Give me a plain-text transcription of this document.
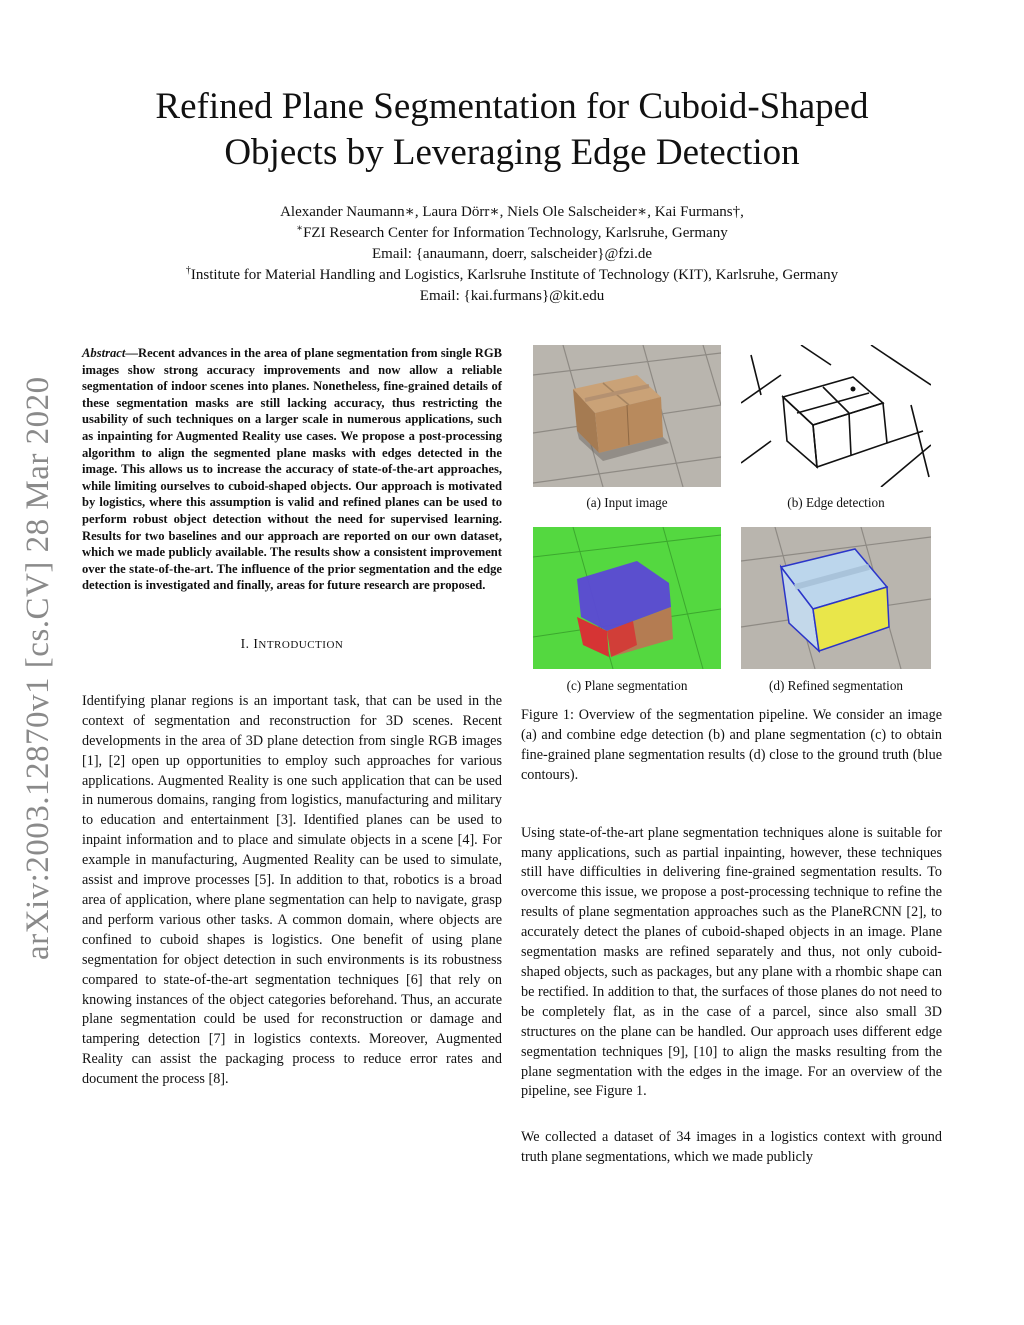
arXiv:2003.12870v1 [cs.CV] 28 Mar 2020
Refined Plane Segmentation for Cuboid-Shaped
Objects by Leveraging Edge Detection
Alexander Naumann∗, Laura Dörr∗, Niels Ole Salscheider∗, Kai Furmans†,
∗FZI Research Center for Information Technology, Karlsruhe, Germany
Email: {anaumann, doerr, salscheider}@fzi.de
†Institute for Material Handling and Logistics, Karlsruhe Institute of Technology (KIT), Karlsruhe, Germany
Email: {kai.furmans}@kit.edu
Abstract—Recent advances in the area of plane segmentation from single RGB images show strong accuracy improvements and now allow a reliable segmentation of indoor scenes into planes. Nonetheless, fine-grained details of these segmentation masks are still lacking accuracy, thus restricting the usability of such techniques on a larger scale in numerous applications, such as inpainting for Augmented Reality use cases. We propose a post-processing algorithm to align the segmented plane masks with edges detected in the image. This allows us to increase the accuracy of state-of-the-art approaches, while limiting ourselves to cuboid-shaped objects. Our approach is motivated by logistics, where this assumption is valid and refined planes can be used to perform robust object detection without the need for supervised learning. Results for two baselines and our approach are reported on our own dataset, which we made publicly available. The results show a consistent improvement over the state-of-the-art. The influence of the prior segmentation and the edge detection is investigated and finally, areas for future research are proposed.
I. INTRODUCTION

Identifying planar regions is an important task, that can be used in the context of segmentation and reconstruction for 3D scenes. Recent developments in the area of 3D plane detection from single RGB images [1], [2] open up opportunities to employ such approaches for various applications. Augmented Reality is one such application that can be used in numerous domains, ranging from logistics, manufacturing and military to education and entertainment [3]. Identified planes can be used to inpaint information and to place and simulate objects in a scene [4]. For example in manufacturing, Augmented Reality can be used to simulate, assist and improve processes [5]. In addition to that, robotics is a broad area of application, where plane segmentation can help to navigate, grasp and perform various other tasks. A common domain, where objects are confined to cuboid shapes is logistics. One benefit of using plane segmentation for object detection in such environments is its robustness compared to state-of-the-art segmentation techniques [6] that rely on knowing instances of the object categories beforehand. Thus, an accurate plane segmentation could be used for reconstruction or damage and tampering detection [7] in logistics contexts. Moreover, Augmented Reality can assist the packaging process to reduce error rates and document the process [8].

(a) Input image	(b) Edge detection
(c) Plane segmentation	(d) Refined segmentation
Figure 1: Overview of the segmentation pipeline. We consider an image (a) and combine edge detection (b) and plane segmentation (c) to obtain fine-grained plane segmentation results (d) close to the ground truth (blue contours).

Using state-of-the-art plane segmentation techniques alone is suitable for many applications, such as partial inpainting, however, these techniques still have difficulties in delivering fine-grained segmentation results. To overcome this issue, we propose a post-processing technique to refine the results of plane segmentation approaches such as the PlaneRCNN [2], to accurately detect the planes of cuboid-shaped objects in an image. Plane segmentation masks are refined separately and thus, not only cuboid-shaped objects, such as packages, but any plane with a rhombic shape can be rectified. In addition to that, the surfaces of those planes do not need to be completely flat, as in the case of a parcel, since also small 3D structures on the plane can be handled. Our approach uses different edge segmentation techniques [9], [10] to align the masks resulting from the plane segmentation with the edges in the image. For an overview of the pipeline, see Figure 1.

We collected a dataset of 34 images in a logistics context with ground truth plane segmentations, which we made publicly
